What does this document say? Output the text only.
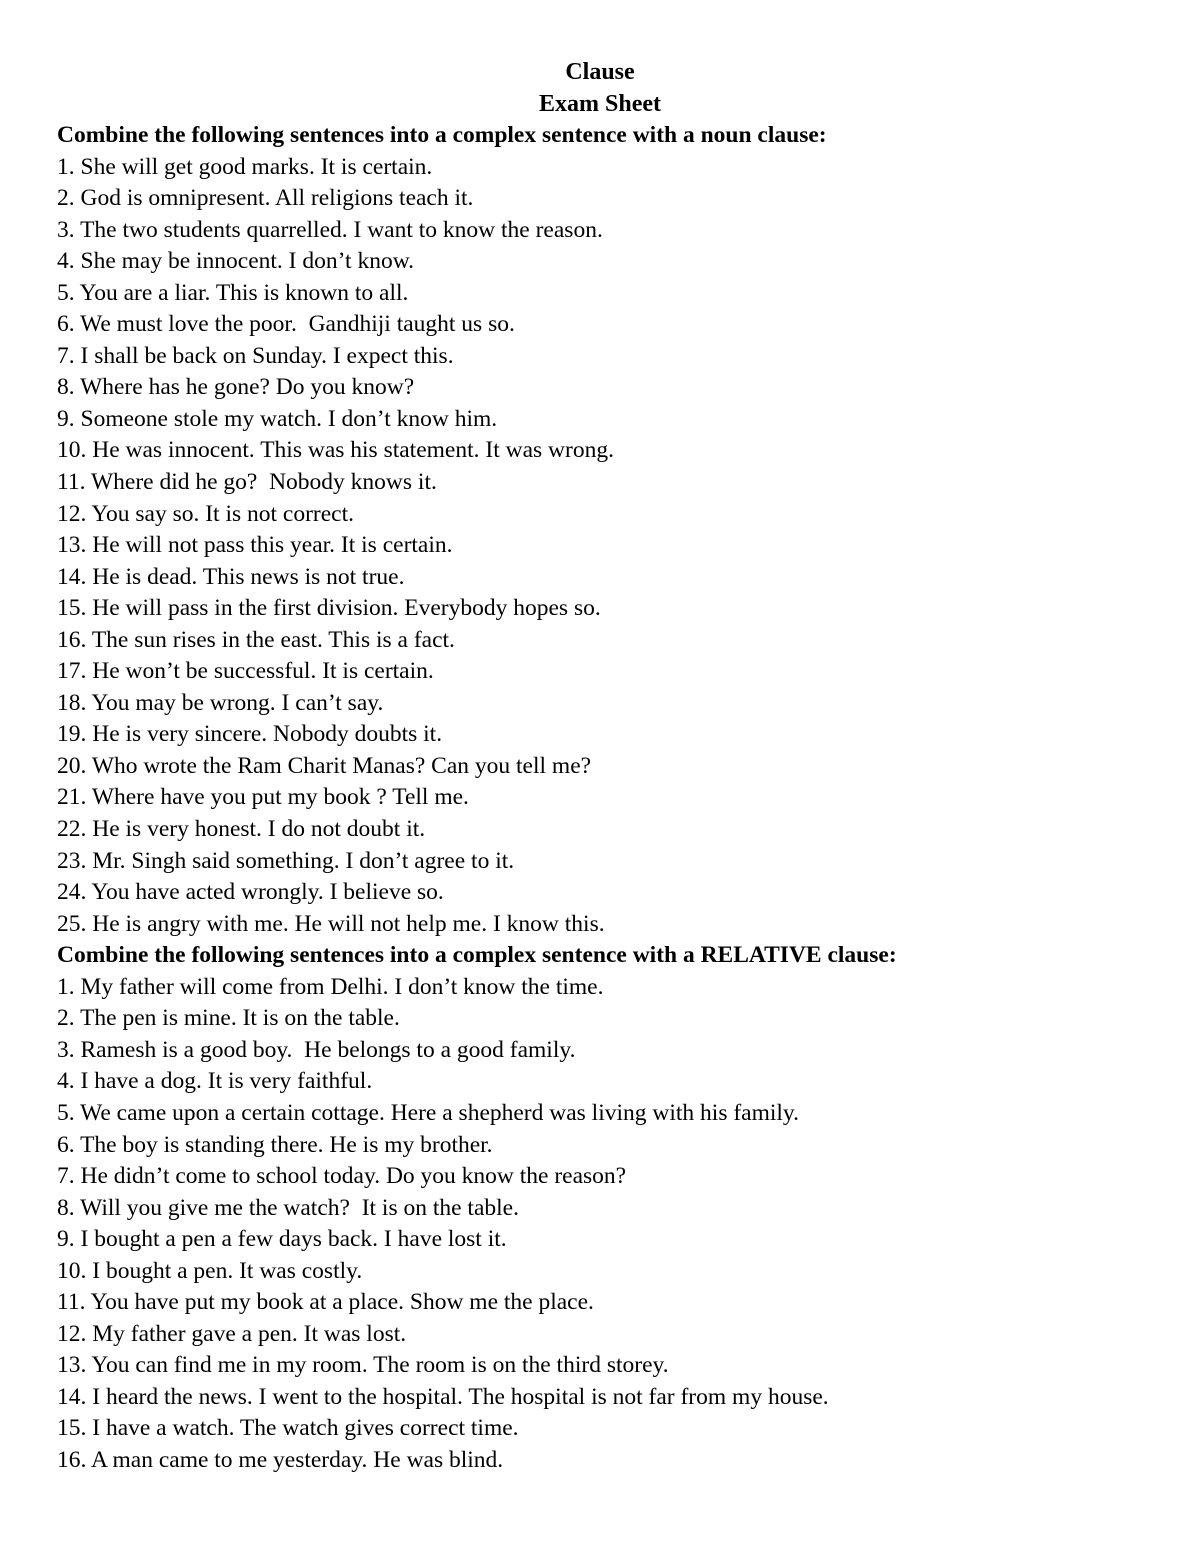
Clause
Exam Sheet

Combine the following sentences into a complex sentence with a noun clause:

1. She will get good marks. It is certain.

2. God is omnipresent. All religions teach it.

3. The two students quarrelled. I want to know the reason.

4. She may be innocent. I don’t know.

5. You are a liar. This is known to all.

6. We must love the poor.  Gandhiji taught us so.

7. I shall be back on Sunday. I expect this.

8. Where has he gone? Do you know?

9. Someone stole my watch. I don’t know him.

10. He was innocent. This was his statement. It was wrong.

11. Where did he go?  Nobody knows it.

12. You say so. It is not correct.

13. He will not pass this year. It is certain.

14. He is dead. This news is not true.

15. He will pass in the first division. Everybody hopes so.

16. The sun rises in the east. This is a fact.

17. He won’t be successful. It is certain.

18. You may be wrong. I can’t say.

19. He is very sincere. Nobody doubts it.

20. Who wrote the Ram Charit Manas? Can you tell me?

21. Where have you put my book ? Tell me.

22. He is very honest. I do not doubt it.

23. Mr. Singh said something. I don’t agree to it.

24. You have acted wrongly. I believe so.

25. He is angry with me. He will not help me. I know this.

Combine the following sentences into a complex sentence with a RELATIVE clause:

1. My father will come from Delhi. I don’t know the time.

2. The pen is mine. It is on the table.

3. Ramesh is a good boy.  He belongs to a good family.

4. I have a dog. It is very faithful.

5. We came upon a certain cottage. Here a shepherd was living with his family.

6. The boy is standing there. He is my brother.

7. He didn’t come to school today. Do you know the reason?

8. Will you give me the watch?  It is on the table.

9. I bought a pen a few days back. I have lost it.

10. I bought a pen. It was costly.

11. You have put my book at a place. Show me the place.

12. My father gave a pen. It was lost.

13. You can find me in my room. The room is on the third storey.

14. I heard the news. I went to the hospital. The hospital is not far from my house.

15. I have a watch. The watch gives correct time.

16. A man came to me yesterday. He was blind.
